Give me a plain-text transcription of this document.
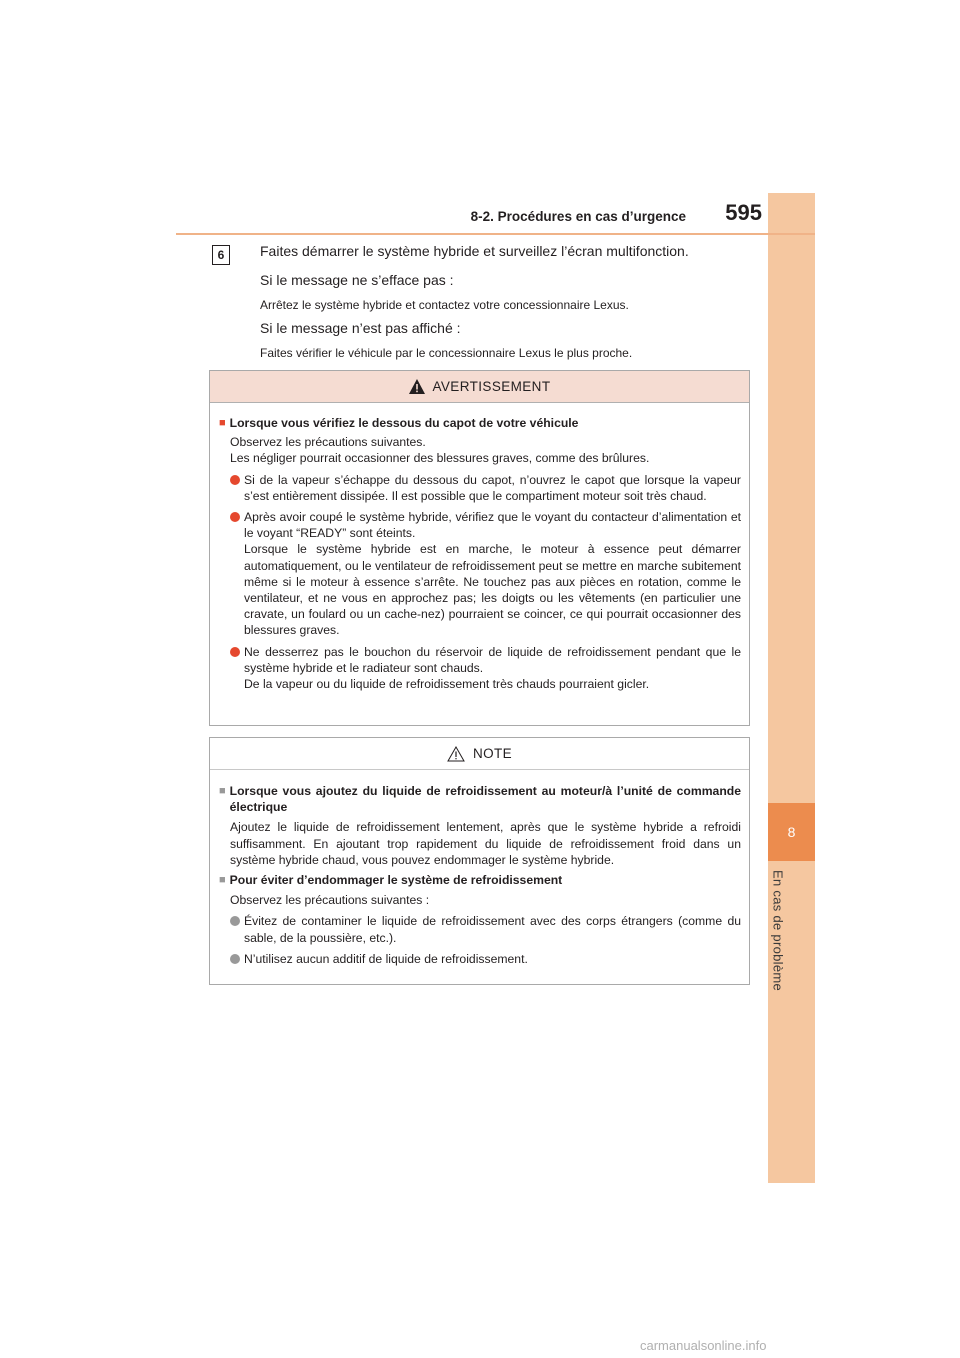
8
En cas de problème
8-2. Procédures en cas d’urgence	595
6	Faites démarrer le système hybride et surveillez l’écran multifonction.
Si le message ne s’efface pas :
Arrêtez le système hybride et contactez votre concessionnaire Lexus.
Si le message n’est pas affiché :
Faites vérifier le véhicule par le concessionnaire Lexus le plus proche.
AVERTISSEMENT
■ Lorsque vous vérifiez le dessous du capot de votre véhicule
Observez les précautions suivantes.
Les négliger pourrait occasionner des blessures graves, comme des brûlures.
Si de la vapeur s’échappe du dessous du capot, n’ouvrez le capot que lorsque la vapeur s’est entièrement dissipée. Il est possible que le compartiment moteur soit très chaud.
Après avoir coupé le système hybride, vérifiez que le voyant du contacteur d’alimentation et le voyant “READY” sont éteints.
Lorsque le système hybride est en marche, le moteur à essence peut démarrer automatiquement, ou le ventilateur de refroidissement peut se mettre en marche subitement même si le moteur à essence s’arrête. Ne touchez pas aux pièces en rotation, comme le ventilateur, et ne vous en approchez pas; les doigts ou les vêtements (en particulier une cravate, un foulard ou un cache-nez) pourraient se coincer, ce qui pourrait occasionner des blessures graves.
Ne desserrez pas le bouchon du réservoir de liquide de refroidissement pendant que le système hybride et le radiateur sont chauds.
De la vapeur ou du liquide de refroidissement très chauds pourraient gicler.
NOTE
■ Lorsque vous ajoutez du liquide de refroidissement au moteur/à l’unité de commande électrique
Ajoutez le liquide de refroidissement lentement, après que le système hybride a refroidi suffisamment. En ajoutant trop rapidement du liquide de refroidissement froid dans un système hybride chaud, vous pouvez endommager le système hybride.
■ Pour éviter d’endommager le système de refroidissement
Observez les précautions suivantes :
Évitez de contaminer le liquide de refroidissement avec des corps étrangers (comme du sable, de la poussière, etc.).
N’utilisez aucun additif de liquide de refroidissement.
carmanualsonline.info
